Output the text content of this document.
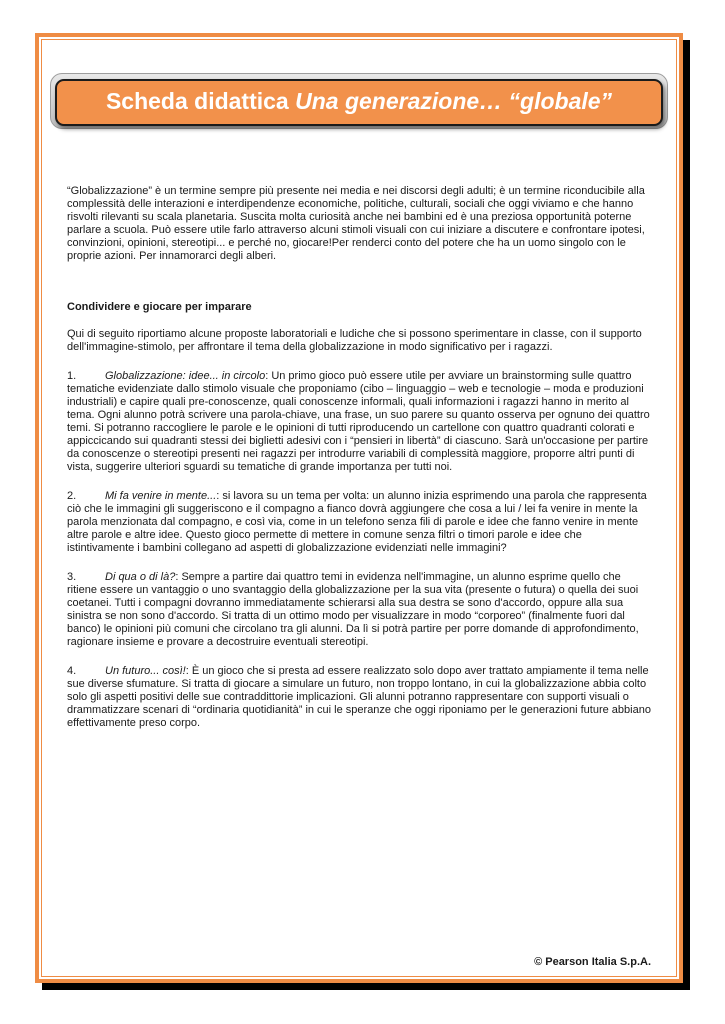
Scheda didattica Una generazione… “globale”

“Globalizzazione” è un termine sempre più presente nei media e nei discorsi degli adulti; è un termine riconducibile alla complessità delle interazioni e interdipendenze economiche, politiche, culturali, sociali che oggi viviamo e che hanno risvolti rilevanti su scala planetaria. Suscita molta curiosità anche nei bambini ed è una preziosa opportunità poterne parlare a scuola. Può essere utile farlo attraverso alcuni stimoli visuali con cui iniziare a discutere e confrontare ipotesi, convinzioni, opinioni, stereotipi... e perché no, giocare!Per renderci conto del potere che ha un uomo singolo con le proprie azioni. Per innamorarci degli alberi.

Condividere e giocare per imparare

Qui di seguito riportiamo alcune proposte laboratoriali e ludiche che si possono sperimentare in classe, con il supporto dell'immagine-stimolo, per affrontare il tema della globalizzazione in modo significativo per i ragazzi.

1.	Globalizzazione: idee... in circolo: Un primo gioco può essere utile per avviare un brainstorming sulle quattro tematiche evidenziate dallo stimolo visuale che proponiamo (cibo – linguaggio – web e tecnologie – moda e produzioni industriali) e capire quali pre-conoscenze, quali conoscenze informali, quali informazioni i ragazzi hanno in merito al tema. Ogni alunno potrà scrivere una parola-chiave, una frase, un suo parere su quanto osserva per ognuno dei quattro temi. Si potranno raccogliere le parole e le opinioni di tutti riproducendo un cartellone con quattro quadranti colorati e appiccicando sui quadranti stessi dei biglietti adesivi con i “pensieri in libertà” di ciascuno. Sarà un'occasione per partire da conoscenze o stereotipi presenti nei ragazzi per introdurre variabili di complessità maggiore, proporre altri punti di vista, suggerire ulteriori sguardi su tematiche di grande importanza per tutti noi.

2.	Mi fa venire in mente...: si lavora su un tema per volta: un alunno inizia esprimendo una parola che rappresenta ciò che le immagini gli suggeriscono e il compagno a fianco dovrà aggiungere che cosa a lui / lei fa venire in mente la parola menzionata dal compagno, e così via, come in un telefono senza fili di parole e idee che fanno venire in mente altre parole e altre idee. Questo gioco permette di mettere in comune senza filtri o timori parole e idee che istintivamente i bambini collegano ad aspetti di globalizzazione evidenziati nelle immagini?

3.	Di qua o di là?: Sempre a partire dai quattro temi in evidenza nell'immagine, un alunno esprime quello che ritiene essere un vantaggio o uno svantaggio della globalizzazione per la sua vita (presente o futura) o quella dei suoi coetanei. Tutti i compagni dovranno immediatamente schierarsi alla sua destra se sono d'accordo, oppure alla sua sinistra se non sono d'accordo. Si tratta di un ottimo modo per visualizzare in modo “corporeo” (finalmente fuori dal banco) le opinioni più comuni che circolano tra gli alunni. Da lì si potrà partire per porre domande di approfondimento, ragionare insieme e provare a decostruire eventuali stereotipi.

4.	Un futuro... così!: È un gioco che si presta ad essere realizzato solo dopo aver trattato ampiamente il tema nelle sue diverse sfumature. Si tratta di giocare a simulare un futuro, non troppo lontano, in cui la globalizzazione abbia colto solo gli aspetti positivi delle sue contraddittorie implicazioni. Gli alunni potranno rappresentare con supporti visuali o drammatizzare scenari di “ordinaria quotidianità” in cui le speranze che oggi riponiamo per le generazioni future abbiano effettivamente preso corpo.

© Pearson Italia S.p.A.
